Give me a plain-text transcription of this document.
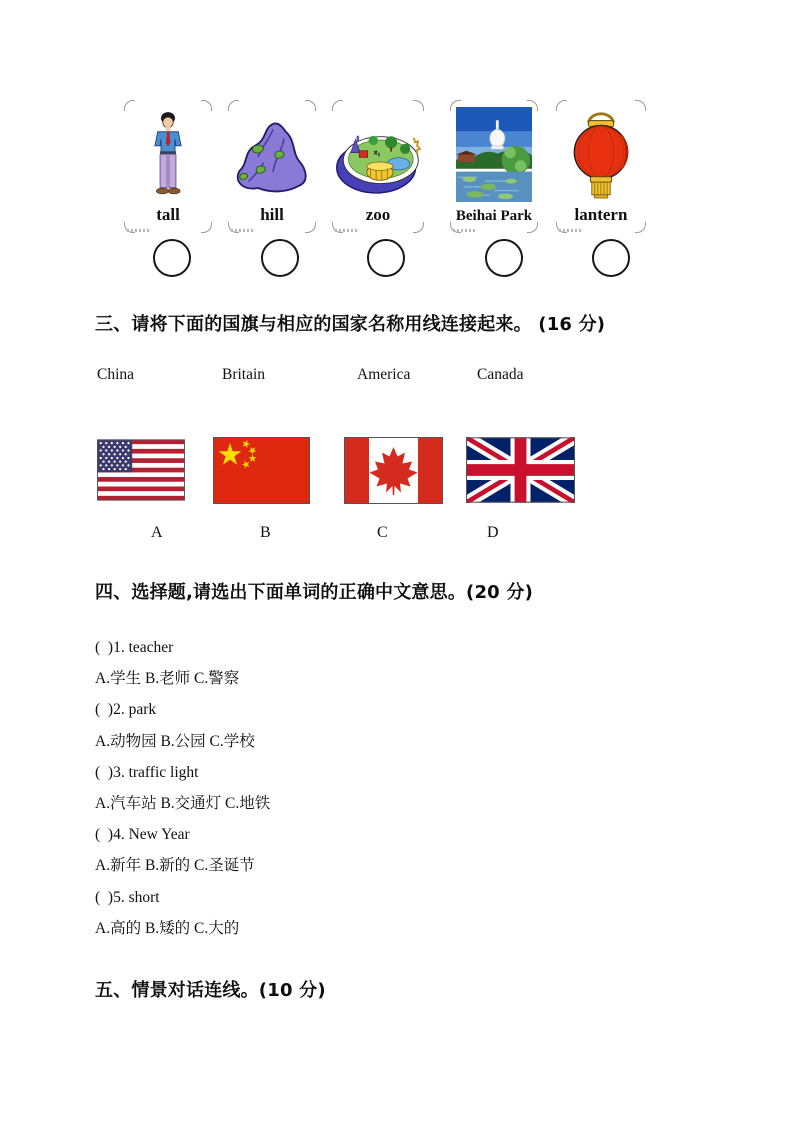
tall	hill	zoo	Beihai Park	lantern
三、请将下面的国旗与相应的国家名称用线连接起来。 (16 分)
China	Britain	America	Canada
A	B	C	D
四、选择题,请选出下面单词的正确中文意思。(20 分)
(  )1. teacher
A.学生 B.老师 C.警察
(  )2. park
A.动物园 B.公园 C.学校
(  )3. traffic light
A.汽车站 B.交通灯 C.地铁
(  )4. New Year
A.新年 B.新的 C.圣诞节
(  )5. short
A.高的 B.矮的 C.大的
五、情景对话连线。(10 分)
